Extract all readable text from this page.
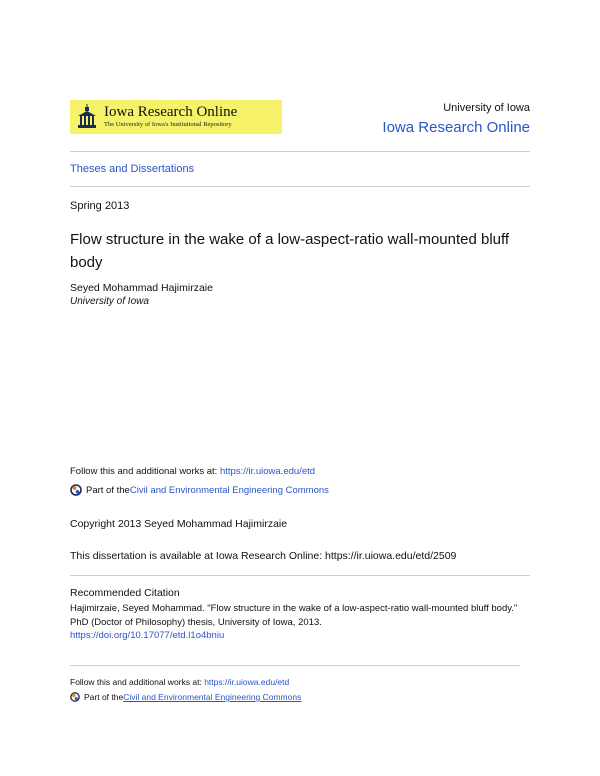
Iowa Research Online
The University of Iowa's Institutional Repository
University of Iowa
Iowa Research Online
Theses and Dissertations
Spring 2013
Flow structure in the wake of a low-aspect-ratio wall-mounted bluff body
Seyed Mohammad Hajimirzaie
University of Iowa
Follow this and additional works at: https://ir.uiowa.edu/etd
Part of the Civil and Environmental Engineering Commons
Copyright 2013 Seyed Mohammad Hajimirzaie
This dissertation is available at Iowa Research Online: https://ir.uiowa.edu/etd/2509
Recommended Citation
Hajimirzaie, Seyed Mohammad. "Flow structure in the wake of a low-aspect-ratio wall-mounted bluff body." PhD (Doctor of Philosophy) thesis, University of Iowa, 2013.
https://doi.org/10.17077/etd.l1o4bniu
Follow this and additional works at: https://ir.uiowa.edu/etd
Part of the Civil and Environmental Engineering Commons
